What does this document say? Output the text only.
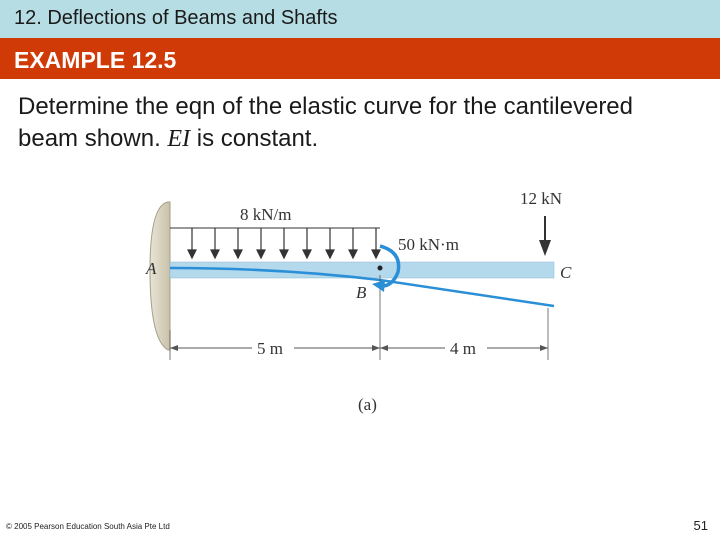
12. Deflections of Beams and Shafts
EXAMPLE 12.5
Determine the eqn of the elastic curve for the cantilevered beam shown. EI is constant.
8 kN/m
50 kN·m
12 kN
A
B
C
5 m	4 m
(a)
© 2005 Pearson Education South Asia Pte Ltd	51
